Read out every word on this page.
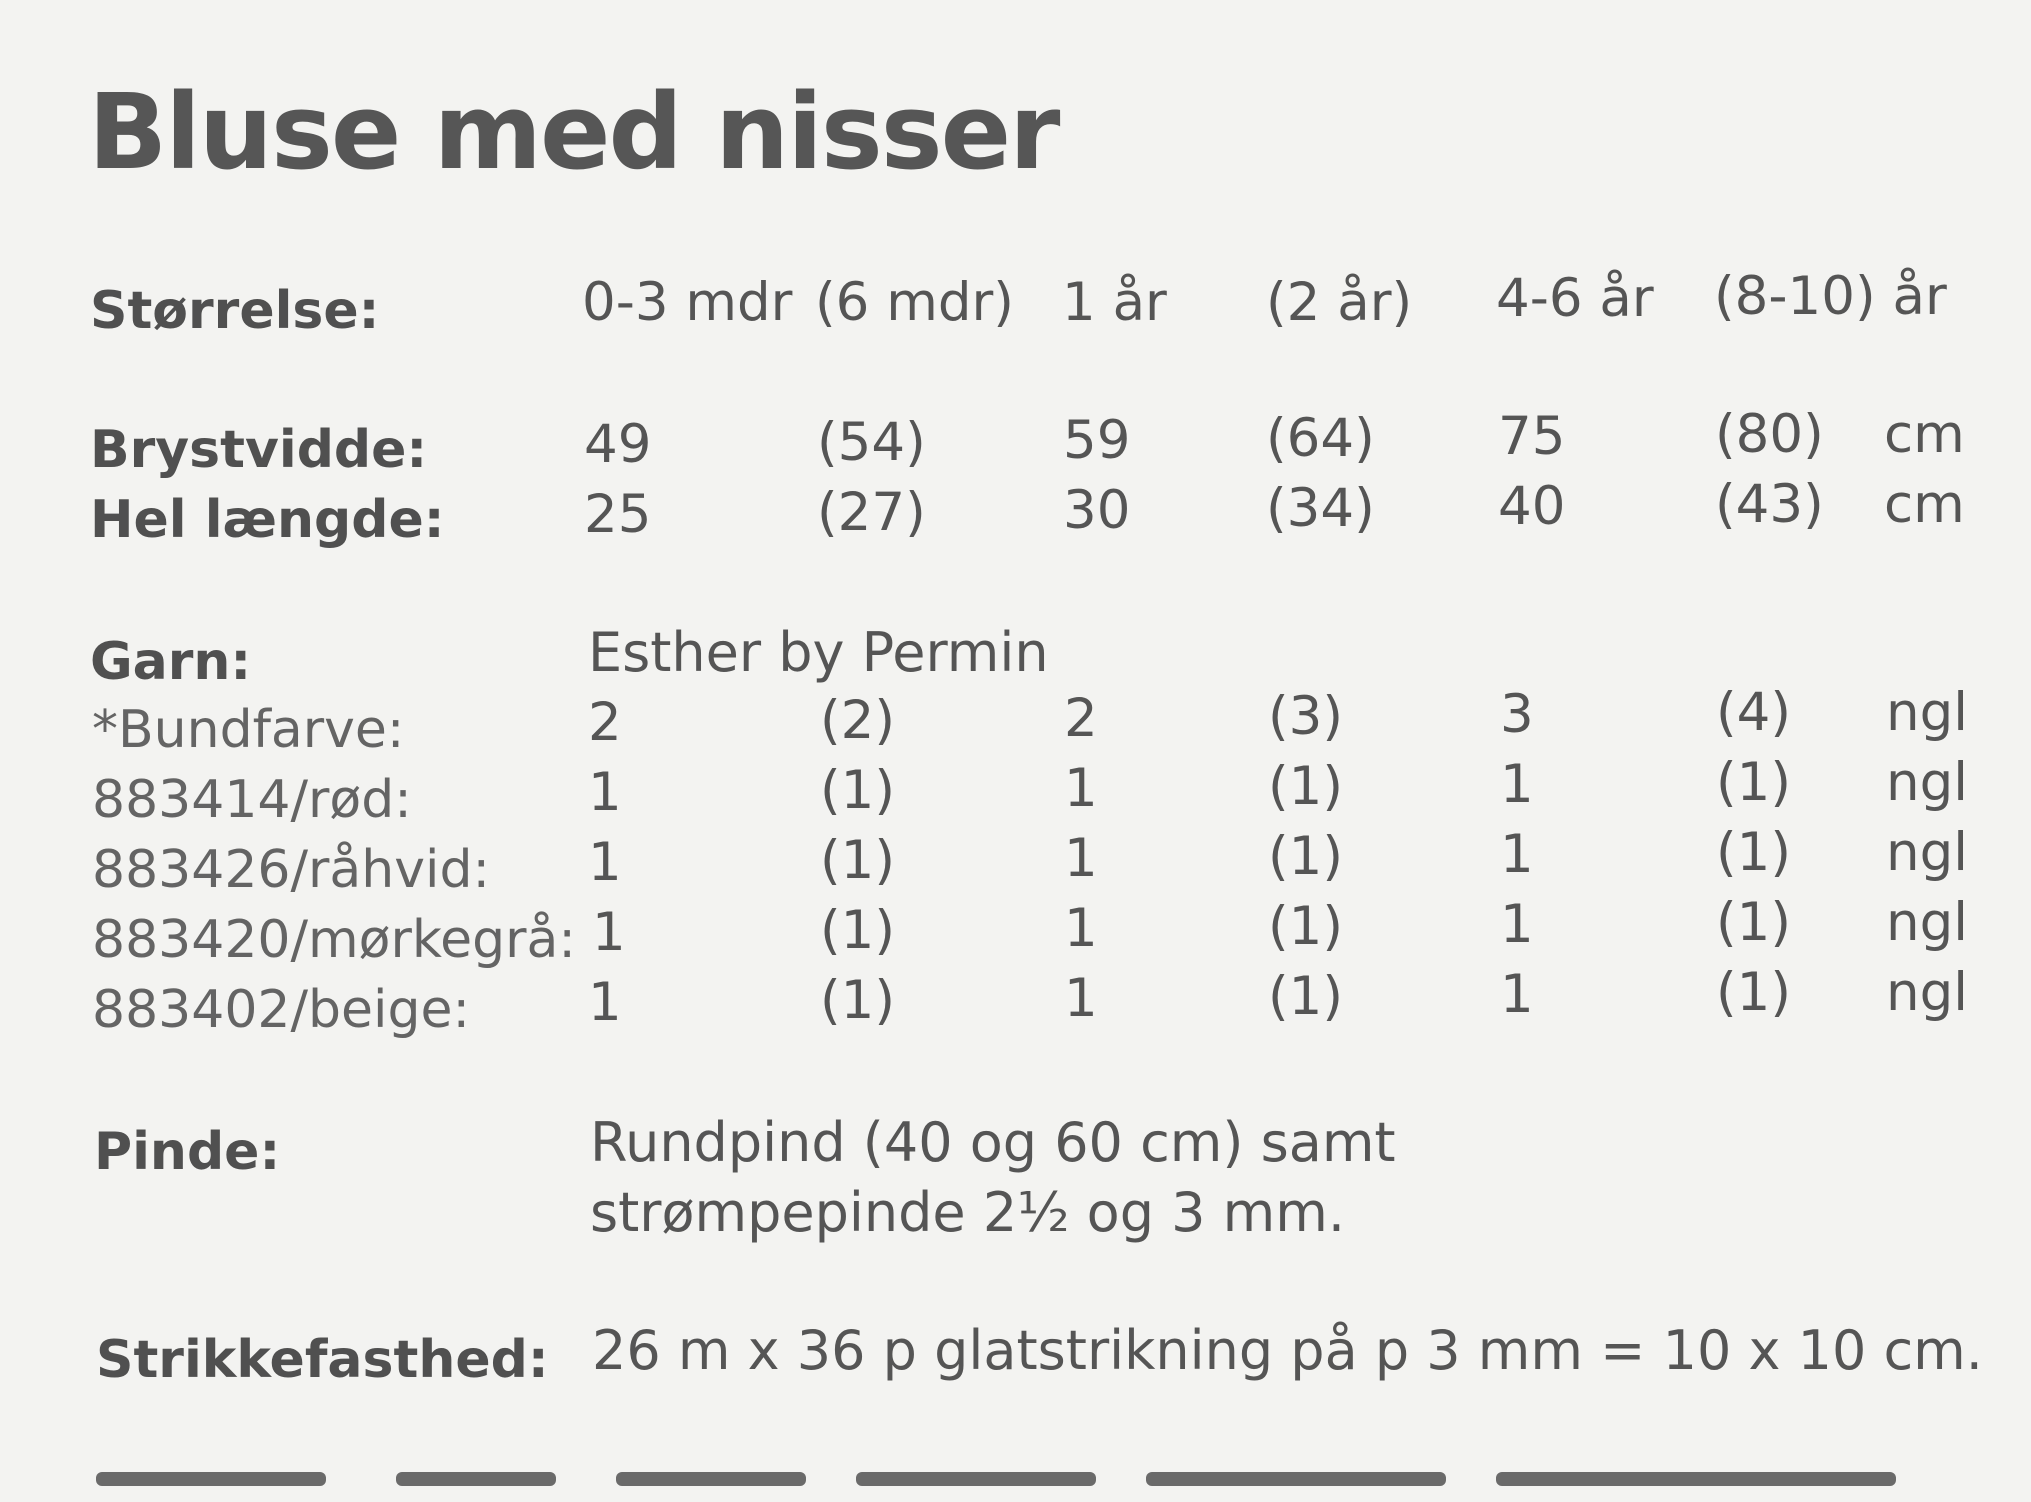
Bluse med nisser
Størrelse:	0-3 mdr (6 mdr) 1 år (2 år) 4-6 år (8-10) år
Brystvidde:	49	(54)	59	(64) 75	(80) cm
Hel længde:	25	(27)	30	(34) 40	(43) cm
Garn:	Esther by Permin
*Bundfarve:	2	(2)	2	(3)	3	(4) ngl
883414/rød:	1	(1)	1	(1)	1	(1) ngl
883426/råhvid: 1	(1)	1	(1)	1	(1) ngl
883420/mørkegrå: 1	(1)	1	(1)	1	(1) ngl
883402/beige: 1	(1)	1	(1)	1	(1) ngl
Pinde:	Rundpind (40 og 60 cm) samt
strømpepinde 2½ og 3 mm.
Strikkefasthed: 26 m x 36 p glatstrikning på p 3 mm = 10 x 10 cm.
